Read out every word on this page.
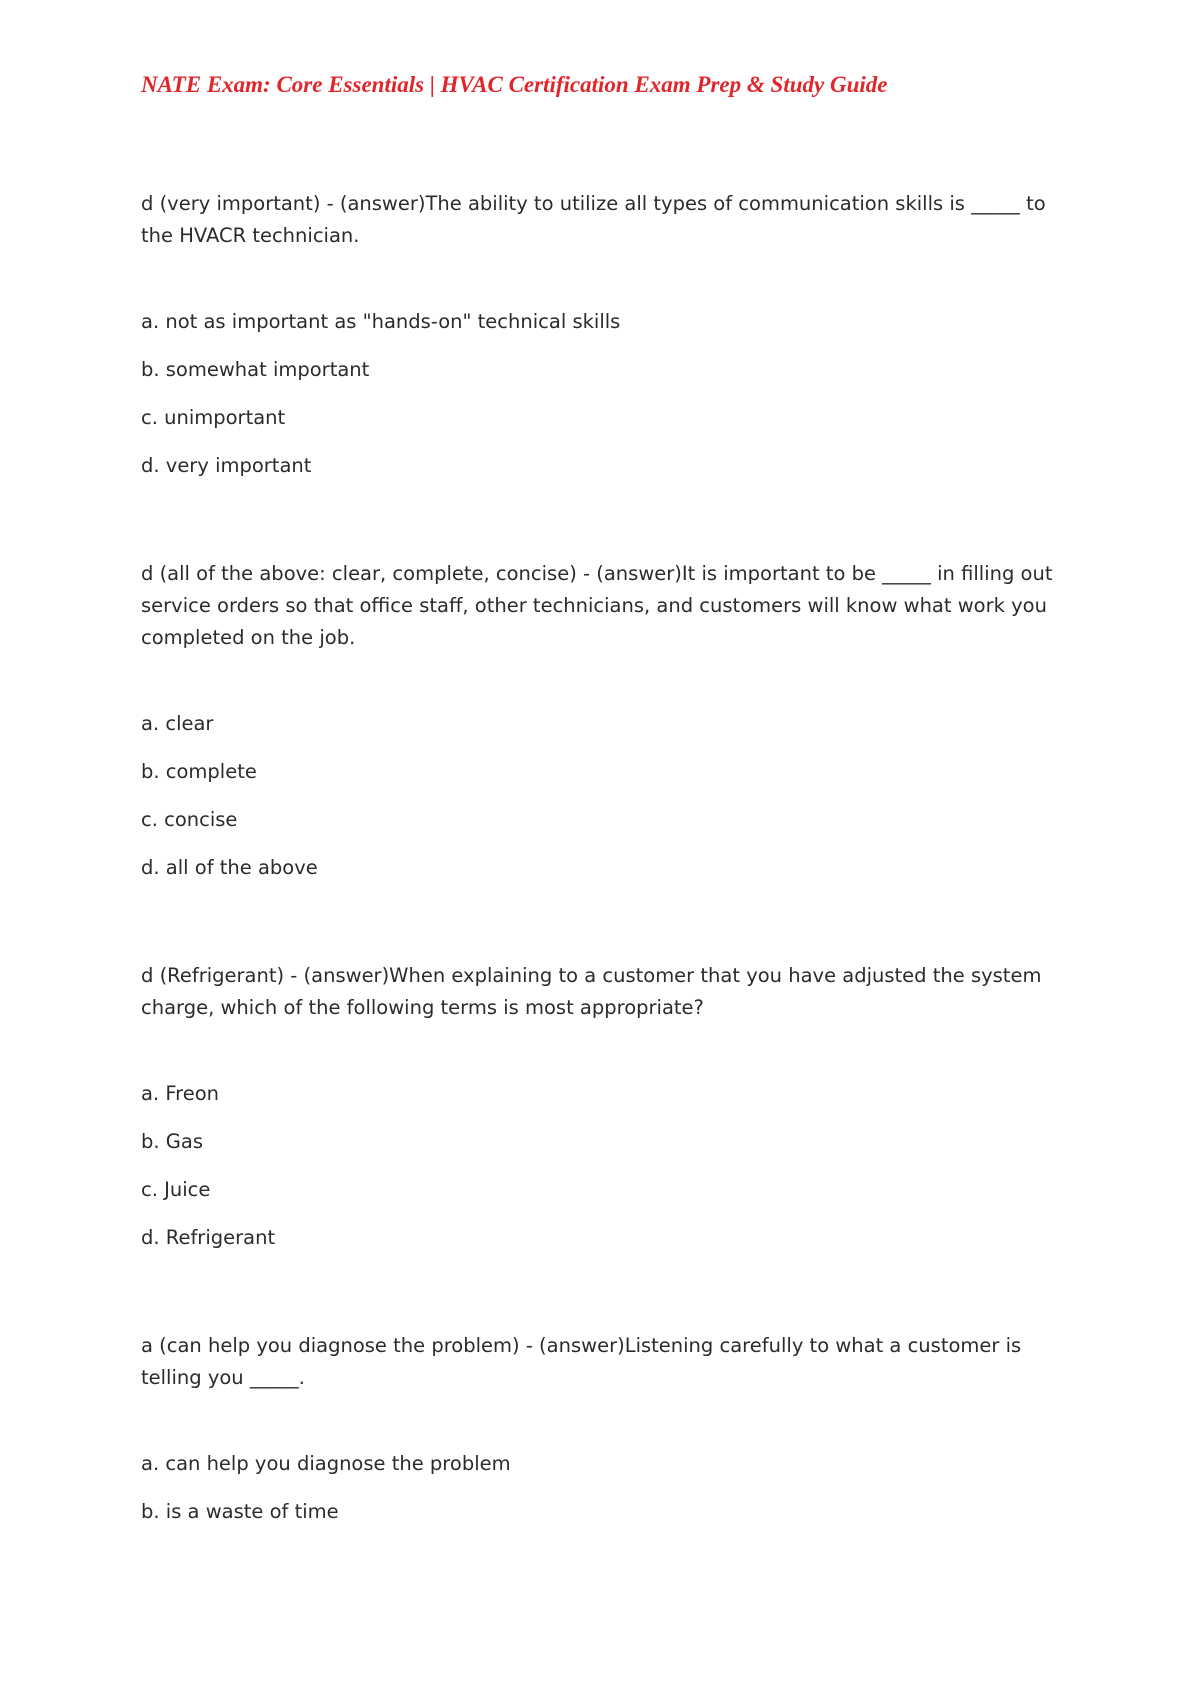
NATE Exam: Core Essentials | HVAC Certification Exam Prep & Study Guide

d (very important) - (answer)The ability to utilize all types of communication skills is _____ to the HVACR technician.

a. not as important as "hands-on" technical skills
b. somewhat important
c. unimportant
d. very important

d (all of the above: clear, complete, concise) - (answer)It is important to be _____ in filling out service orders so that office staff, other technicians, and customers will know what work you completed on the job.

a. clear
b. complete
c. concise
d. all of the above

d (Refrigerant) - (answer)When explaining to a customer that you have adjusted the system charge, which of the following terms is most appropriate?

a. Freon
b. Gas
c. Juice
d. Refrigerant

a (can help you diagnose the problem) - (answer)Listening carefully to what a customer is telling you _____.

a. can help you diagnose the problem
b. is a waste of time
